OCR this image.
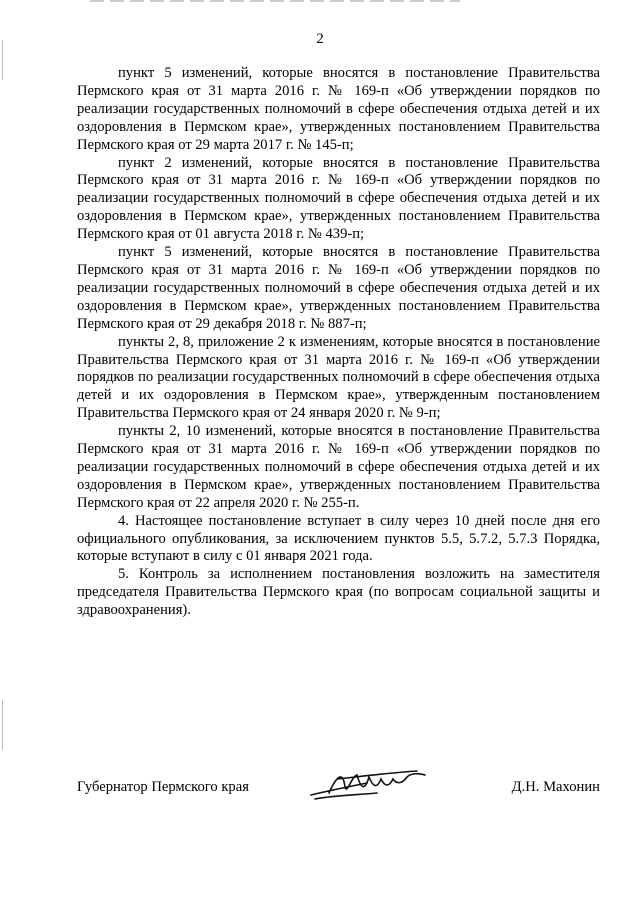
2

пункт 5 изменений, которые вносятся в постановление Правительства Пермского края от 31 марта 2016 г. № 169-п «Об утверждении порядков по реализации государственных полномочий в сфере обеспечения отдыха детей и их оздоровления в Пермском крае», утвержденных постановлением Правительства Пермского края от 29 марта 2017 г. № 145-п;

пункт 2 изменений, которые вносятся в постановление Правительства Пермского края от 31 марта 2016 г. № 169-п «Об утверждении порядков по реализации государственных полномочий в сфере обеспечения отдыха детей и их оздоровления в Пермском крае», утвержденных постановлением Правительства Пермского края от 01 августа 2018 г. № 439-п;

пункт 5 изменений, которые вносятся в постановление Правительства Пермского края от 31 марта 2016 г. № 169-п «Об утверждении порядков по реализации государственных полномочий в сфере обеспечения отдыха детей и их оздоровления в Пермском крае», утвержденных постановлением Правительства Пермского края от 29 декабря 2018 г. № 887-п;

пункты 2, 8, приложение 2 к изменениям, которые вносятся в постановление Правительства Пермского края от 31 марта 2016 г. № 169-п «Об утверждении порядков по реализации государственных полномочий в сфере обеспечения отдыха детей и их оздоровления в Пермском крае», утвержденным постановлением Правительства Пермского края от 24 января 2020 г. № 9-п;

пункты 2, 10 изменений, которые вносятся в постановление Правительства Пермского края от 31 марта 2016 г. № 169-п «Об утверждении порядков по реализации государственных полномочий в сфере обеспечения отдыха детей и их оздоровления в Пермском крае», утвержденных постановлением Правительства Пермского края от 22 апреля 2020 г. № 255-п.

4. Настоящее постановление вступает в силу через 10 дней после дня его официального опубликования, за исключением пунктов 5.5, 5.7.2, 5.7.3 Порядка, которые вступают в силу с 01 января 2021 года.

5. Контроль за исполнением постановления возложить на заместителя председателя Правительства Пермского края (по вопросам социальной защиты и здравоохранения).

Губернатор Пермского края	Д.Н. Махонин
